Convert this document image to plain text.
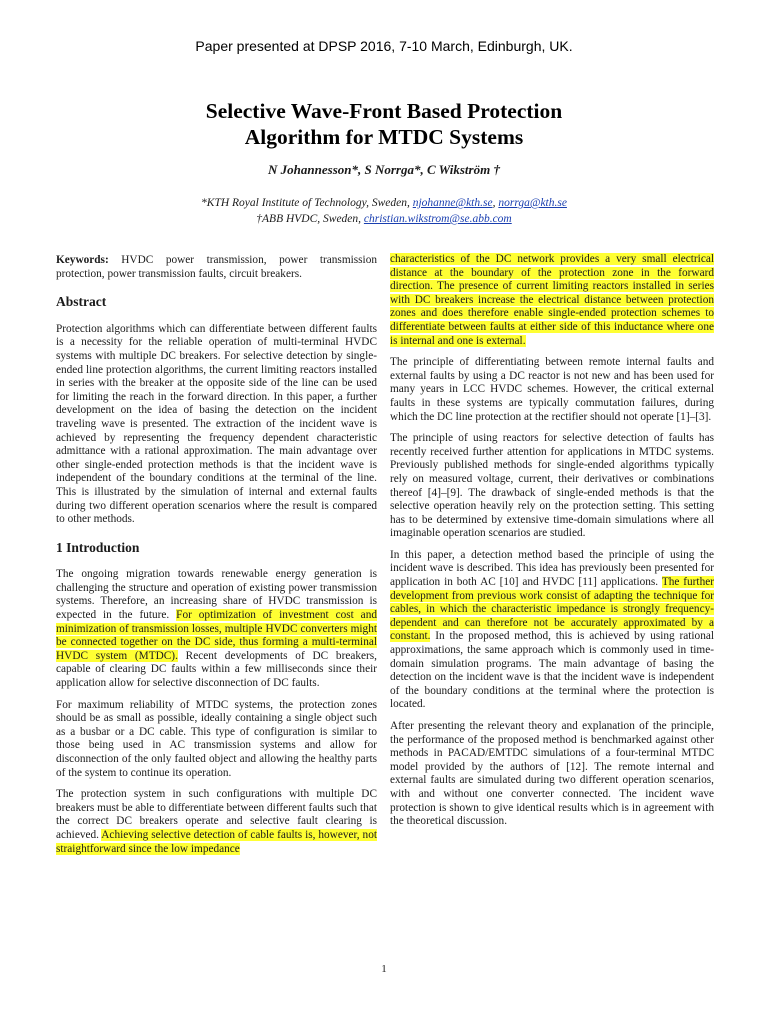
Paper presented at DPSP 2016, 7-10 March, Edinburgh, UK.
Selective Wave-Front Based Protection
Algorithm for MTDC Systems
N Johannesson*, S Norrga*, C Wikström †
*KTH Royal Institute of Technology, Sweden, njohanne@kth.se, norrga@kth.se
†ABB HVDC, Sweden, christian.wikstrom@se.abb.com

Keywords: HVDC power transmission, power transmission protection, power transmission faults, circuit breakers.

Abstract

Protection algorithms which can differentiate between different faults is a necessity for the reliable operation of multi-terminal HVDC systems with multiple DC breakers. For selective detection by single-ended line protection algorithms, the current limiting reactors installed in series with the breaker at the opposite side of the line can be used for limiting the reach in the forward direction. In this paper, a further development on the idea of basing the detection on the incident traveling wave is presented. The extraction of the incident wave is achieved by representing the frequency dependent characteristic admittance with a rational approximation. The main advantage over other single-ended protection methods is that the incident wave is independent of the boundary conditions at the terminal of the line. This is illustrated by the simulation of internal and external faults during two different operation scenarios where the result is compared to other methods.

1 Introduction

The ongoing migration towards renewable energy generation is challenging the structure and operation of existing power transmission systems. Therefore, an increasing share of HVDC transmission is expected in the future. For optimization of investment cost and minimization of transmission losses, multiple HVDC converters might be connected together on the DC side, thus forming a multi-terminal HVDC system (MTDC). Recent developments of DC breakers, capable of clearing DC faults within a few milliseconds since their application allow for selective disconnection of DC faults.

For maximum reliability of MTDC systems, the protection zones should be as small as possible, ideally containing a single object such as a busbar or a DC cable. This type of configuration is similar to those being used in AC transmission systems and allow for disconnection of the only faulted object and allowing the healthy parts of the system to continue its operation.

The protection system in such configurations with multiple DC breakers must be able to differentiate between different faults such that the correct DC breakers operate and selective fault clearing is achieved. Achieving selective detection of cable faults is, however, not straightforward since the low impedance

characteristics of the DC network provides a very small electrical distance at the boundary of the protection zone in the forward direction. The presence of current limiting reactors installed in series with DC breakers increase the electrical distance between protection zones and does therefore enable single-ended protection schemes to differentiate between faults at either side of this inductance where one is internal and one is external.

The principle of differentiating between remote internal faults and external faults by using a DC reactor is not new and has been used for many years in LCC HVDC schemes. However, the critical external faults in these systems are typically commutation failures, during which the DC line protection at the rectifier should not operate [1]–[3].

The principle of using reactors for selective detection of faults has recently received further attention for applications in MTDC systems. Previously published methods for single-ended algorithms typically rely on measured voltage, current, their derivatives or combinations thereof [4]–[9]. The drawback of single-ended methods is that the selective operation heavily rely on the protection setting. This setting has to be determined by extensive time-domain simulations where all imaginable operation scenarios are studied.

In this paper, a detection method based the principle of using the incident wave is described. This idea has previously been presented for application in both AC [10] and HVDC [11] applications. The further development from previous work consist of adapting the technique for cables, in which the characteristic impedance is strongly frequency-dependent and can therefore not be accurately approximated by a constant. In the proposed method, this is achieved by using rational approximations, the same approach which is commonly used in time-domain simulation programs. The main advantage of basing the detection on the incident wave is that the incident wave is independent of the boundary conditions at the terminal where the protection is located.

After presenting the relevant theory and explanation of the principle, the performance of the proposed method is benchmarked against other methods in PACAD/EMTDC simulations of a four-terminal MTDC model provided by the authors of [12]. The remote internal and external faults are simulated during two different operation scenarios, with and without one converter connected. The incident wave protection is shown to give identical results which is in agreement with the theoretical discussion.

1
